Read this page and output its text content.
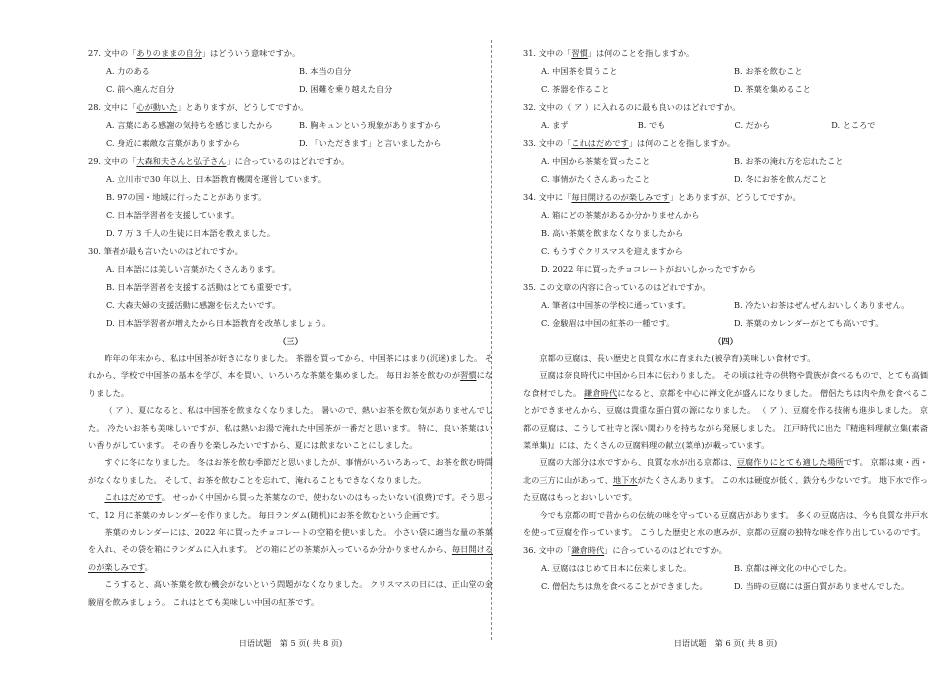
27. 文中の「ありのままの自分」はどういう意味ですか。
A. 力のある	B. 本当の自分
C. 前へ進んだ自分	D. 困難を乗り越えた自分
28. 文中に「心が動いた」とありますが、どうしてですか。
A. 言葉にある感謝の気持ちを感じましたから	B. 胸キュンという現象がありますから
C. 身近に素敵な言葉がありますから	D. 「いただきます」と言いましたから
29. 文中の「大森和夫さんと弘子さん」に合っているのはどれですか。
A. 立川市で30 年以上、日本語教育機関を運営しています。
B. 97の国・地域に行ったことがあります。
C. 日本語学習者を支援しています。
D. 7 万 3 千人の生徒に日本語を教えました。
30. 筆者が最も言いたいのはどれですか。
A. 日本語には美しい言葉がたくさんあります。
B. 日本語学習者を支援する活動はとても重要です。
C. 大森夫婦の支援活動に感謝を伝えたいです。
D. 日本語学習者が増えたから日本語教育を改革しましょう。
（三）

昨年の年末から、私は中国茶が好きになりました。 茶器を買ってから、中国茶にはまり(沉迷)ました。 それから、学校で中国茶の基本を学び、本を買い、いろいろな茶葉を集めました。 毎日お茶を飲むのが習慣になりました。

（ ア ）、夏になると、私は中国茶を飲まなくなりました。 暑いので、熱いお茶を飲む気がありませんでした。 冷たいお茶も美味しいですが、私は熱いお湯で淹れた中国茶が一番だと思います。 特に、良い茶葉はいい香りがしています。 その香りを楽しみたいですから、夏には飲まないことにしました。

すぐに冬になりました。 冬はお茶を飲む季節だと思いましたが、事情がいろいろあって、お茶を飲む時間がなくなりました。 そして、お茶を飲むことを忘れて、淹れることもできなくなりました。

これはだめです。 せっかく中国から買った茶葉なので、使わないのはもったいない(浪费)です。そう思って、12 月に茶葉のカレンダーを作りました。 毎日ランダム(随机)にお茶を飲むという企画です。

茶葉のカレンダーには、2022 年に買ったチョコレートの空箱を使いました。 小さい袋に適当な量の茶葉を入れ、その袋を箱にランダムに入れます。 どの箱にどの茶葉が入っているか分かりませんから、毎日開けるのが楽しみです。

こうすると、高い茶葉を飲む機会がないという問題がなくなりました。 クリスマスの日には、正山堂の金駿眉を飲みましょう。 これはとても美味しい中国の紅茶です。

日语试题　第 5 页( 共 8 页)
31. 文中の「習慣」は何のことを指しますか。
A. 中国茶を買うこと	B. お茶を飲むこと
C. 茶器を作ること	D. 茶葉を集めること
32. 文中の（ ア ）に入れるのに最も良いのはどれですか。
A. まず	B. でも	C. だから	D. ところで
33. 文中の「これはだめです」は何のことを指しますか。
A. 中国から茶葉を買ったこと	B. お茶の淹れ方を忘れたこと
C. 事情がたくさんあったこと	D. 冬にお茶を飲んだこと
34. 文中に「毎日開けるのが楽しみです」とありますが、どうしてですか。
A. 箱にどの茶葉があるか分かりませんから
B. 高い茶葉を飲まなくなりましたから
C. もうすぐクリスマスを迎えますから
D. 2022 年に買ったチョコレートがおいしかったですから
35. この文章の内容に合っているのはどれですか。
A. 筆者は中国茶の学校に通っています。	B. 冷たいお茶はぜんぜんおいしくありません。
C. 金駿眉は中国の紅茶の一種です。	D. 茶葉のカレンダーがとても高いです。
（四）

京都の豆腐は、長い歴史と良質な水に育まれた(被孕育)美味しい食材です。

豆腐は奈良時代に中国から日本に伝わりました。 その頃は社寺の供物や貴族が食べるもので、とても高価な食材でした。 鎌倉時代になると、京都を中心に禅文化が盛んになりました。 僧侶たちは肉や魚を食べることができませんから、豆腐は貴重な蛋白質の源になりました。 （ ア ）、豆腐を作る技術も進歩しました。 京都の豆腐は、こうして社寺と深い関わりを持ちながら発展しました。 江戸時代に出た『精進料理献立集(素斋菜单集)』には、たくさんの豆腐料理の献立(菜单)が載っています。

豆腐の大部分は水ですから、良質な水が出る京都は、豆腐作りにとても適した場所です。 京都は東・西・北の三方に山があって、地下水がたくさんあります。 この水は硬度が低く、鉄分も少ないです。 地下水で作った豆腐はもっとおいしいです。

今でも京都の町で昔からの伝統の味を守っている豆腐店があります。 多くの豆腐店は、今も良質な井戸水を使って豆腐を作っています。 こうした歴史と水の恵みが、京都の豆腐の独特な味を作り出しているのです。

36. 文中の「鎌倉時代」に合っているのはどれですか。
A. 豆腐ははじめて日本に伝来しました。	B. 京都は禅文化の中心でした。
C. 僧侶たちは魚を食べることができました。	D. 当時の豆腐には蛋白質がありませんでした。
日语试题　第 6 页( 共 8 页)
